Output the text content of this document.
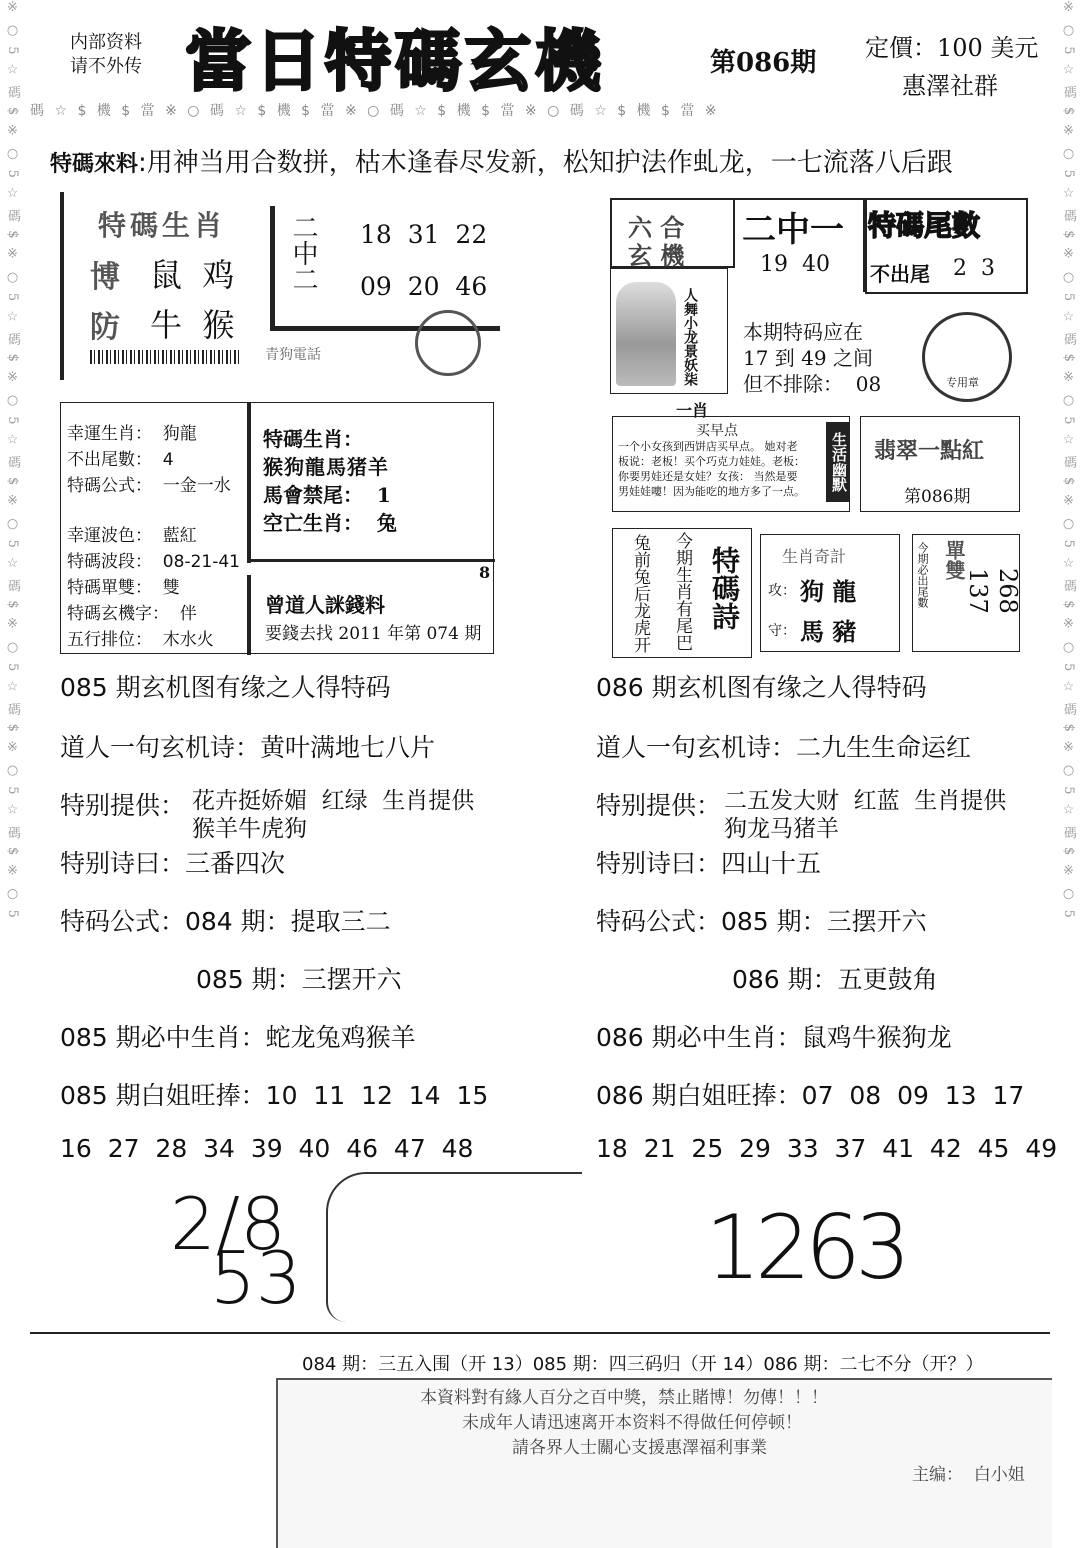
※ ○ 5 ☆ 碼 $ ※ ○ 5 ☆ 碼 $ ※ ○ 5 ☆ 碼 $ ※ ○ 5 ☆ 碼 $ ※ ○ 5 ☆ 碼 $ ※ ○ 5 ☆ 碼 $ ※ ○ 5 ☆ 碼 $ ※ ○ 5	※ ○ 5 ☆ 碼 $ ※ ○ 5 ☆ 碼 $ ※ ○ 5 ☆ 碼 $ ※ ○ 5 ☆ 碼 $ ※ ○ 5 ☆ 碼 $ ※ ○ 5 ☆ 碼 $ ※ ○ 5 ☆ 碼 $ ※ ○ 5
内部资料
请不外传 當日特碼玄機	第086期 定價：100 美元
惠澤社群
碼 ☆ $ 機 $ 當 ※ ○ 碼 ☆ $ 機 $ 當 ※ ○ 碼 ☆ $ 機 $ 當 ※ ○ 碼 ☆ $ 機 $ 當 ※
特碼來料:用神当用合数拼，枯木逢春尽发新，松知护法作虬龙，一七流落八后跟
特碼生肖
博 鼠  鸡
防 牛  猴
二中二 18  31  22
09  20  46
青狗電話
六 合
玄 機
二中一
19  40
特碼尾數
不出尾 2  3
人舞小龙景妖柒 本期特码应在
17 到 49 之间
但不排除：  08	专用章
幸運生肖：  狗龍
不出尾數：  4
特碼公式：  一金一水
幸運波色：  藍紅
特碼波段：  08-21-41
特碼單雙：  雙
特碼玄機字：  伴
五行排位：  木水火
特碼生肖：
猴狗龍馬猪羊
馬會禁尾：  1
空亡生肖：  兔
8
曾道人詸錢料
要錢去找 2011 年第 074 期
一肖
买早点
一个小女孩到西饼店买早点。 她对老
板说：老板！买个巧克力娃娃。老板：
你要男娃还是女娃？女孩： 当然是要
男娃娃嘍！因为能吃的地方多了一点。 生活幽默 翡翠一點紅
第086期
兔前兔后龙虎开 今期生肖有尾巴 特碼詩	生肖奇計
攻： 狗 龍
守： 馬 豬
今期必出尾數 單雙
268
137
085 期玄机图有缘之人得特码
道人一句玄机诗：黄叶满地七八片
特别提供： 花卉挺娇媚  红绿  生肖提供
猴羊牛虎狗
特别诗曰：三番四次
特码公式：084 期：提取三二
085 期：三摆开六
085 期必中生肖：蛇龙兔鸡猴羊
085 期白姐旺捧：10  11  12  14  15
16  27  28  34  39  40  46  47  48
086 期玄机图有缘之人得特码
道人一句玄机诗：二九生生命运红
特别提供： 二五发大财  红蓝  生肖提供
狗龙马猪羊
特别诗曰：四山十五
特码公式：085 期：三摆开六
086 期：五更鼓角
086 期必中生肖：鼠鸡牛猴狗龙
086 期白姐旺捧：07  08  09  13  17
18  21  25  29  33  37  41  42  45  49
2/8
53	1263
084 期：三五入围（开 13）085 期：四三码归（开 14）086 期：二七不分（开？）
本資料對有緣人百分之百中獎，禁止賭博！勿傳！！！
未成年人请迅速离开本资料不得做任何停顿！
請各界人士關心支援惠澤福利事業
主编：  白小姐
